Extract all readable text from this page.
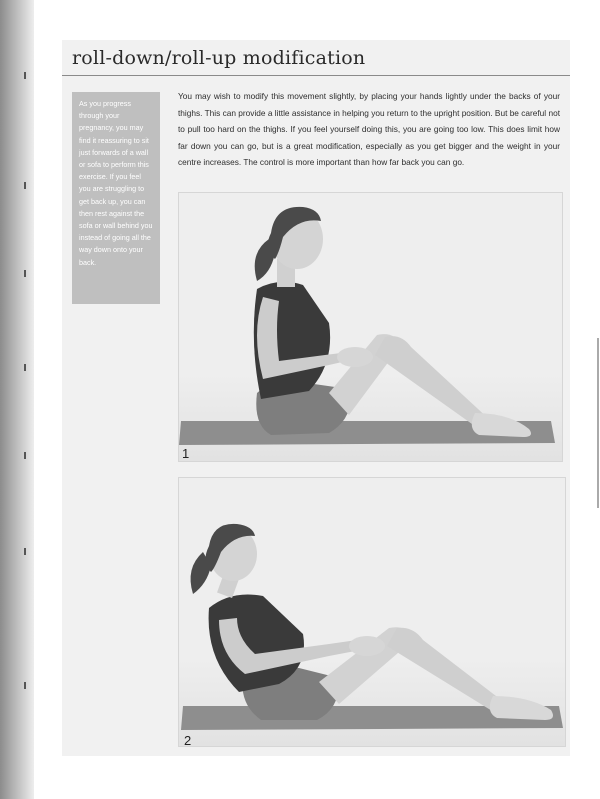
roll-down/roll-up modification

As you progress through your pregnancy, you may find it reassuring to sit just forwards of a wall or sofa to perform this exercise. If you feel you are struggling to get back up, you can then rest against the sofa or wall behind you instead of going all the way down onto your back.

You may wish to modify this movement slightly, by placing your hands lightly under the backs of your thighs. This can provide a little assistance in helping you return to the upright position. But be careful not to pull too hard on the thighs. If you feel yourself doing this, you are going too low. This does limit how far down you can go, but is a great modification, especially as you get bigger and the weight in your centre increases. The control is more important than how far back you can go.

1
2
